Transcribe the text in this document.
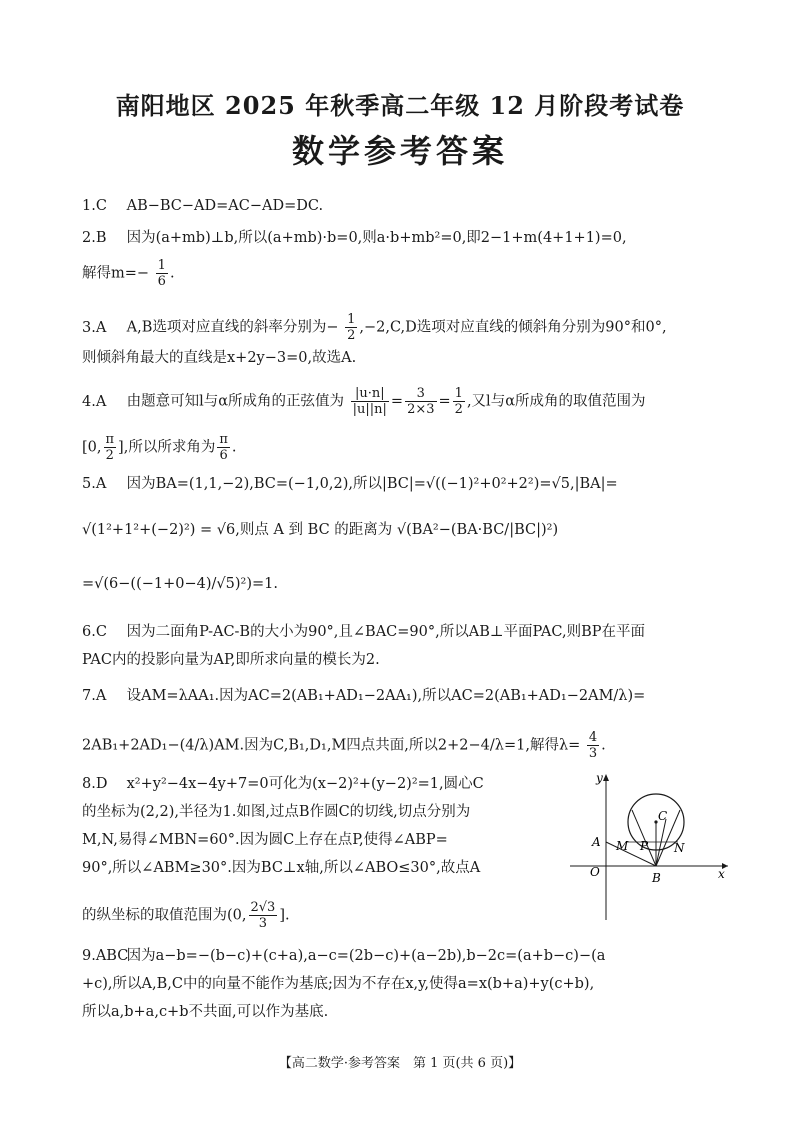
南阳地区 2025 年秋季高二年级 12 月阶段考试卷
数学参考答案
1.C AB−BC−AD=AC−AD=DC.
2.B 因为(a+mb)⊥b,所以(a+mb)·b=0,则a·b+mb²=0,即2−1+m(4+1+1)=0,
解得$m=- \frac{1}{6}$ .
3.A A,B选项对应直线的斜率分别为− $\frac{1}{2} ,-2,C,D$选项对应直线的倾斜角分别为90°和0°,
则倾斜角最大的直线是x+2y−3=0,故选A.
4.A 由题意可知l与α所成角的正弦值为 $\frac{|u\cdot n|}{|u||n|} = \frac{3}{2\times 3} = \frac{1}{2}$ ,又l与α所成角的取值范围为
[0, $\frac{\pi}{2}$ ],所以所求角为 $\frac{\pi}{6}$ .
5.A 因为BA=(1,1,−2),BC=(−1,0,2),所以|BC|=√((−1)²+0²+2²)=√5,|BA|=
√(1²+1²+(−2)²) = √6,则点 A 到 BC 的距离为 √(BA²−(BA·BC/|BC|)²)
=√(6−((−1+0−4)/√5)²)=1.
6.C 因为二面角P-AC-B的大小为90°,且∠BAC=90°,所以AB⊥平面PAC,则BP在平面
PAC内的投影向量为AP,即所求向量的模长为2.
7.A 设AM=λAA₁.因为AC=2(AB₁+AD₁−2AA₁),所以AC=2(AB₁+AD₁−2AM/λ)=
2AB₁+2AD₁−(4/λ)AM.因为C,B₁,D₁,M四点共面,所以2+2−4/λ=1,解得$\lambda= \frac{4}{3}$ .
8.D x²+y²−4x−4y+7=0可化为(x−2)²+(y−2)²=1,圆心C
的坐标为(2,2),半径为1.如图,过点B作圆C的切线,切点分别为
M,N,易得∠MBN=60°.因为圆C上存在点P,使得∠ABP=
90°,所以∠ABM≥30°.因为BC⊥x轴,所以∠ABO≤30°,故点A
的纵坐标的取值范围为(0, $\frac{2√3}{3}$ ].
y
A M
C
P N
O	B	x
9.ABC 因为a−b=−(b−c)+(c+a),a−c=(2b−c)+(a−2b),b−2c=(a+b−c)−(a
+c),所以A,B,C中的向量不能作为基底;因为不存在x,y,使得a=x(b+a)+y(c+b),
所以a,b+a,c+b不共面,可以作为基底.
【高二数学·参考答案　第 1 页(共 6 页)】
